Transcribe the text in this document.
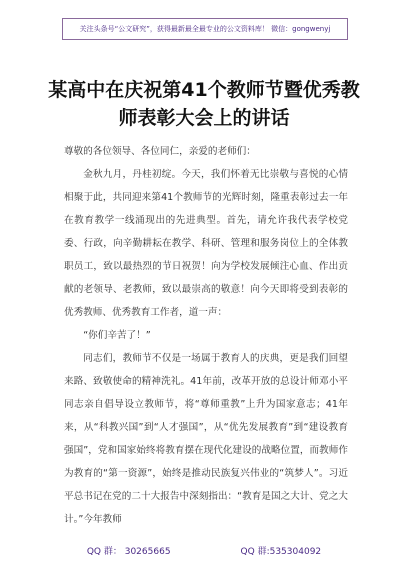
关注头条号“公文研究”，获得最新最全最专业的公文资料库！ 微信：gongwenyj
某高中在庆祝第41个教师节暨优秀教师表彰大会上的讲话

尊敬的各位领导、各位同仁，亲爱的老师们：

金秋九月，丹桂初绽。今天，我们怀着无比崇敬与喜悦的心情相聚于此，共同迎来第41个教师节的光辉时刻，隆重表彰过去一年在教育教学一线涌现出的先进典型。首先，请允许我代表学校党委、行政，向辛勤耕耘在教学、科研、管理和服务岗位上的全体教职员工，致以最热烈的节日祝贺！向为学校发展倾注心血、作出贡献的老领导、老教师，致以最崇高的敬意！向今天即将受到表彰的优秀教师、优秀教育工作者，道一声：

“你们辛苦了！”

同志们，教师节不仅是一场属于教育人的庆典，更是我们回望来路、致敬使命的精神洗礼。41年前，改革开放的总设计师邓小平同志亲自倡导设立教师节，将“尊师重教”上升为国家意志；41年来，从“科教兴国”到“人才强国”，从“优先发展教育”到“建设教育强国”，党和国家始终将教育摆在现代化建设的战略位置，而教师作为教育的“第一资源”，始终是推动民族复兴伟业的“筑梦人”。习近平总书记在党的二十大报告中深刻指出：“教育是国之大计、党之大计。”今年教师

QQ 群： 30265665	QQ 群:535304092
